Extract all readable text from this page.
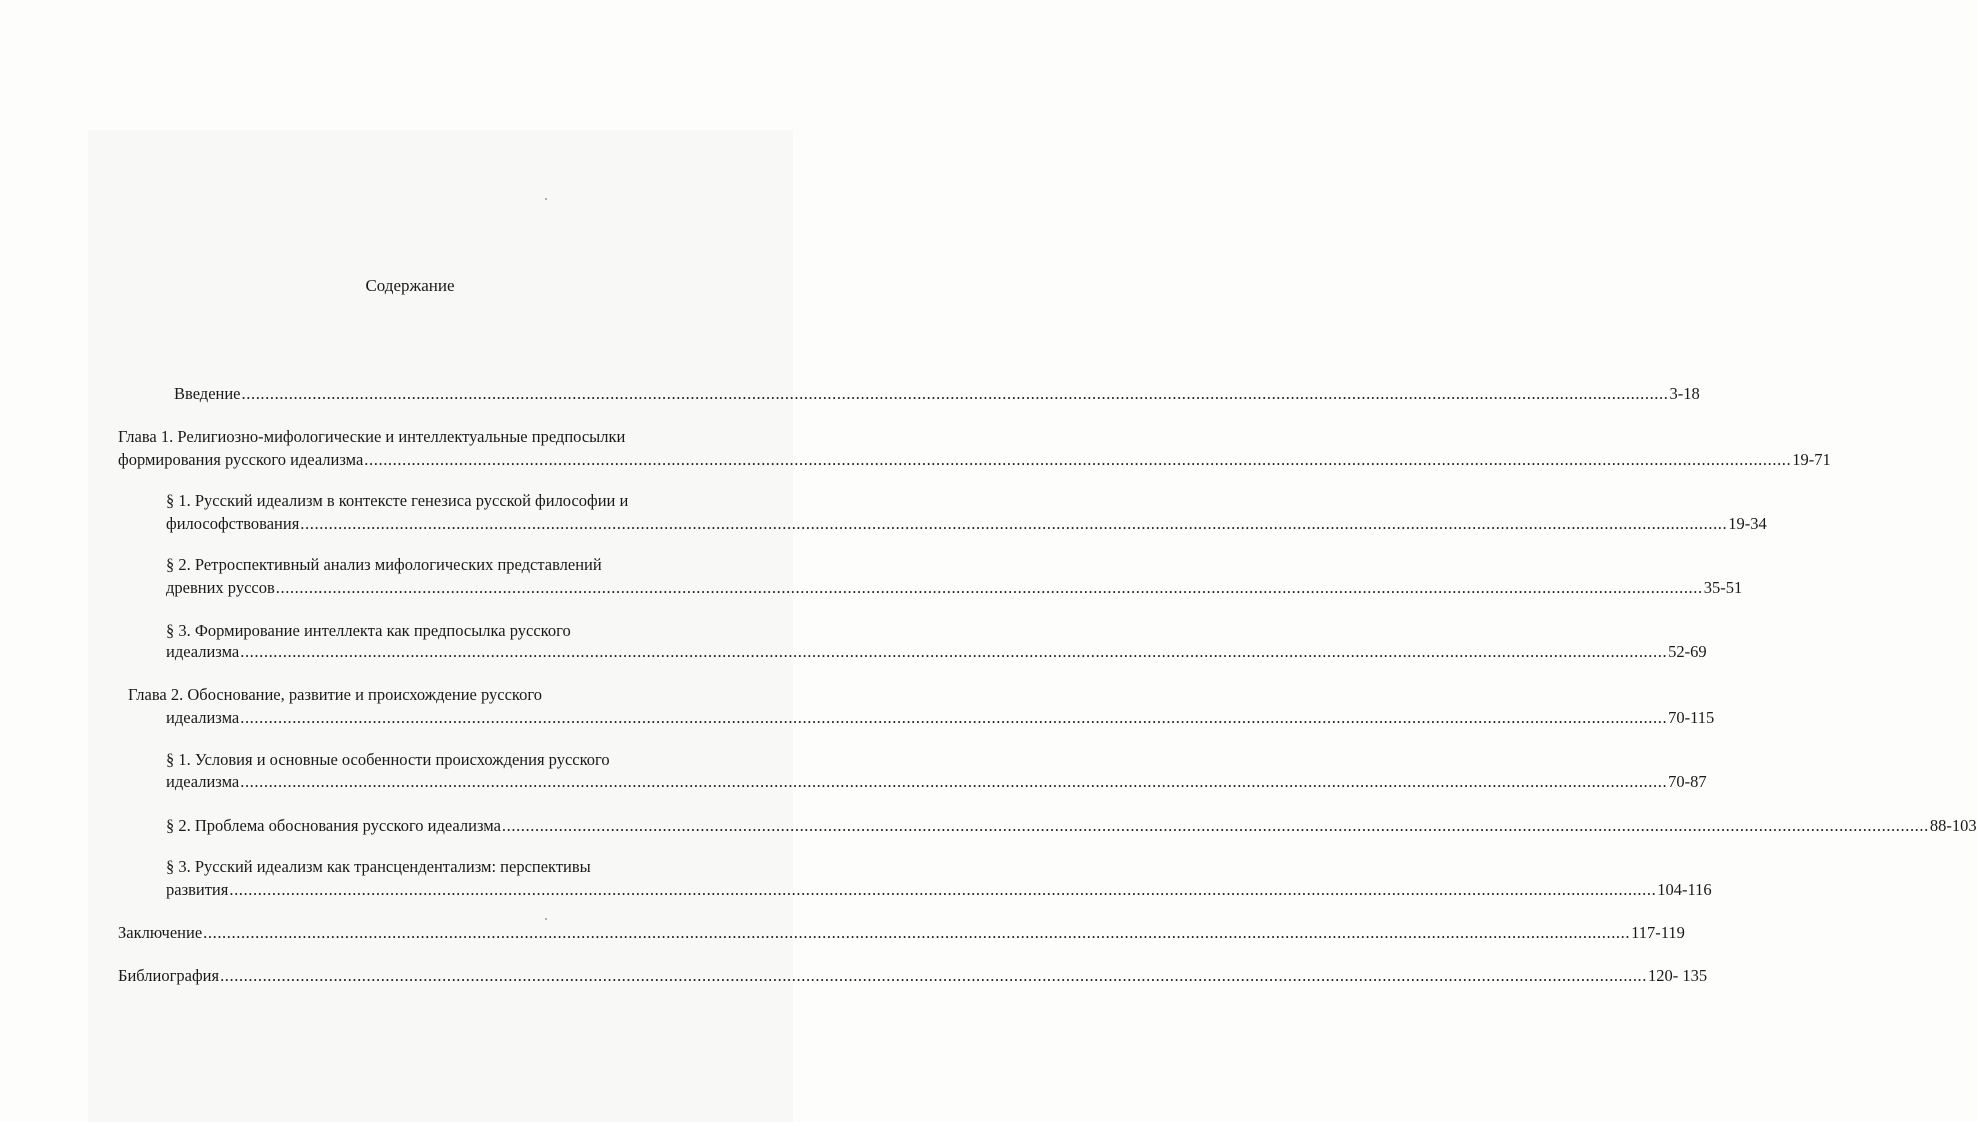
Содержание
Введение .............................................................................................................................................................................................................................................................................................................. 3-18
Глава 1. Религиозно-мифологические и интеллектуальные предпосылки
формирования русского идеализма .............................................................................................................................................................................................................................................................................................................. 19-71
§ 1. Русский идеализм в контексте генезиса русской философии и
философствования .............................................................................................................................................................................................................................................................................................................. 19-34
§ 2. Ретроспективный анализ мифологических представлений
древних руссов .............................................................................................................................................................................................................................................................................................................. 35-51
§ 3. Формирование интеллекта как предпосылка русского
идеализма .............................................................................................................................................................................................................................................................................................................. 52-69
Глава 2. Обоснование, развитие и происхождение русского
идеализма .............................................................................................................................................................................................................................................................................................................. 70-115
§ 1. Условия и основные особенности происхождения русского
идеализма .............................................................................................................................................................................................................................................................................................................. 70-87
§ 2. Проблема обоснования русского идеализма .............................................................................................................................................................................................................................................................................................................. 88-103
§ 3. Русский идеализм как трансцендентализм: перспективы
развития .............................................................................................................................................................................................................................................................................................................. 104-116
Заключение .............................................................................................................................................................................................................................................................................................................. 117-119
Библиография .............................................................................................................................................................................................................................................................................................................. 120- 135
